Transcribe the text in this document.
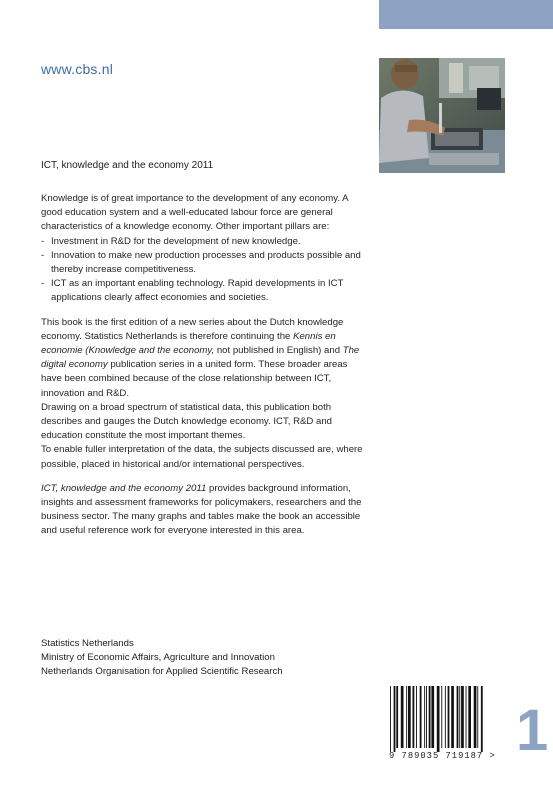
www.cbs.nl
ICT, knowledge and the economy 2011

Knowledge is of great importance to the development of any economy. A good education system and a well-educated labour force are general characteristics of a knowledge economy. Other important pillars are:

- Investment in R&D for the development of new knowledge.
- Innovation to make new production processes and products possible and thereby increase competitiveness.
- ICT as an important enabling technology. Rapid developments in ICT applications clearly affect economies and societies.

This book is the first edition of a new series about the Dutch knowledge economy. Statistics Netherlands is therefore continuing the Kennis en economie (Knowledge and the economy, not published in English) and The digital economy publication series in a united form. These broader areas have been combined because of the close relationship between ICT, innovation and R&D.

Drawing on a broad spectrum of statistical data, this publication both describes and gauges the Dutch knowledge economy. ICT, R&D and education constitute the most important themes.

To enable fuller interpretation of the data, the subjects discussed are, where possible, placed in historical and/or international perspectives.

ICT, knowledge and the economy 2011 provides background information, insights and assessment frameworks for policymakers, researchers and the business sector. The many graphs and tables make the book an accessible and useful reference work for everyone interested in this area.

Statistics Netherlands
Ministry of Economic Affairs, Agriculture and Innovation
Netherlands Organisation for Applied Scientific Research
9 789035 719187 > 1
